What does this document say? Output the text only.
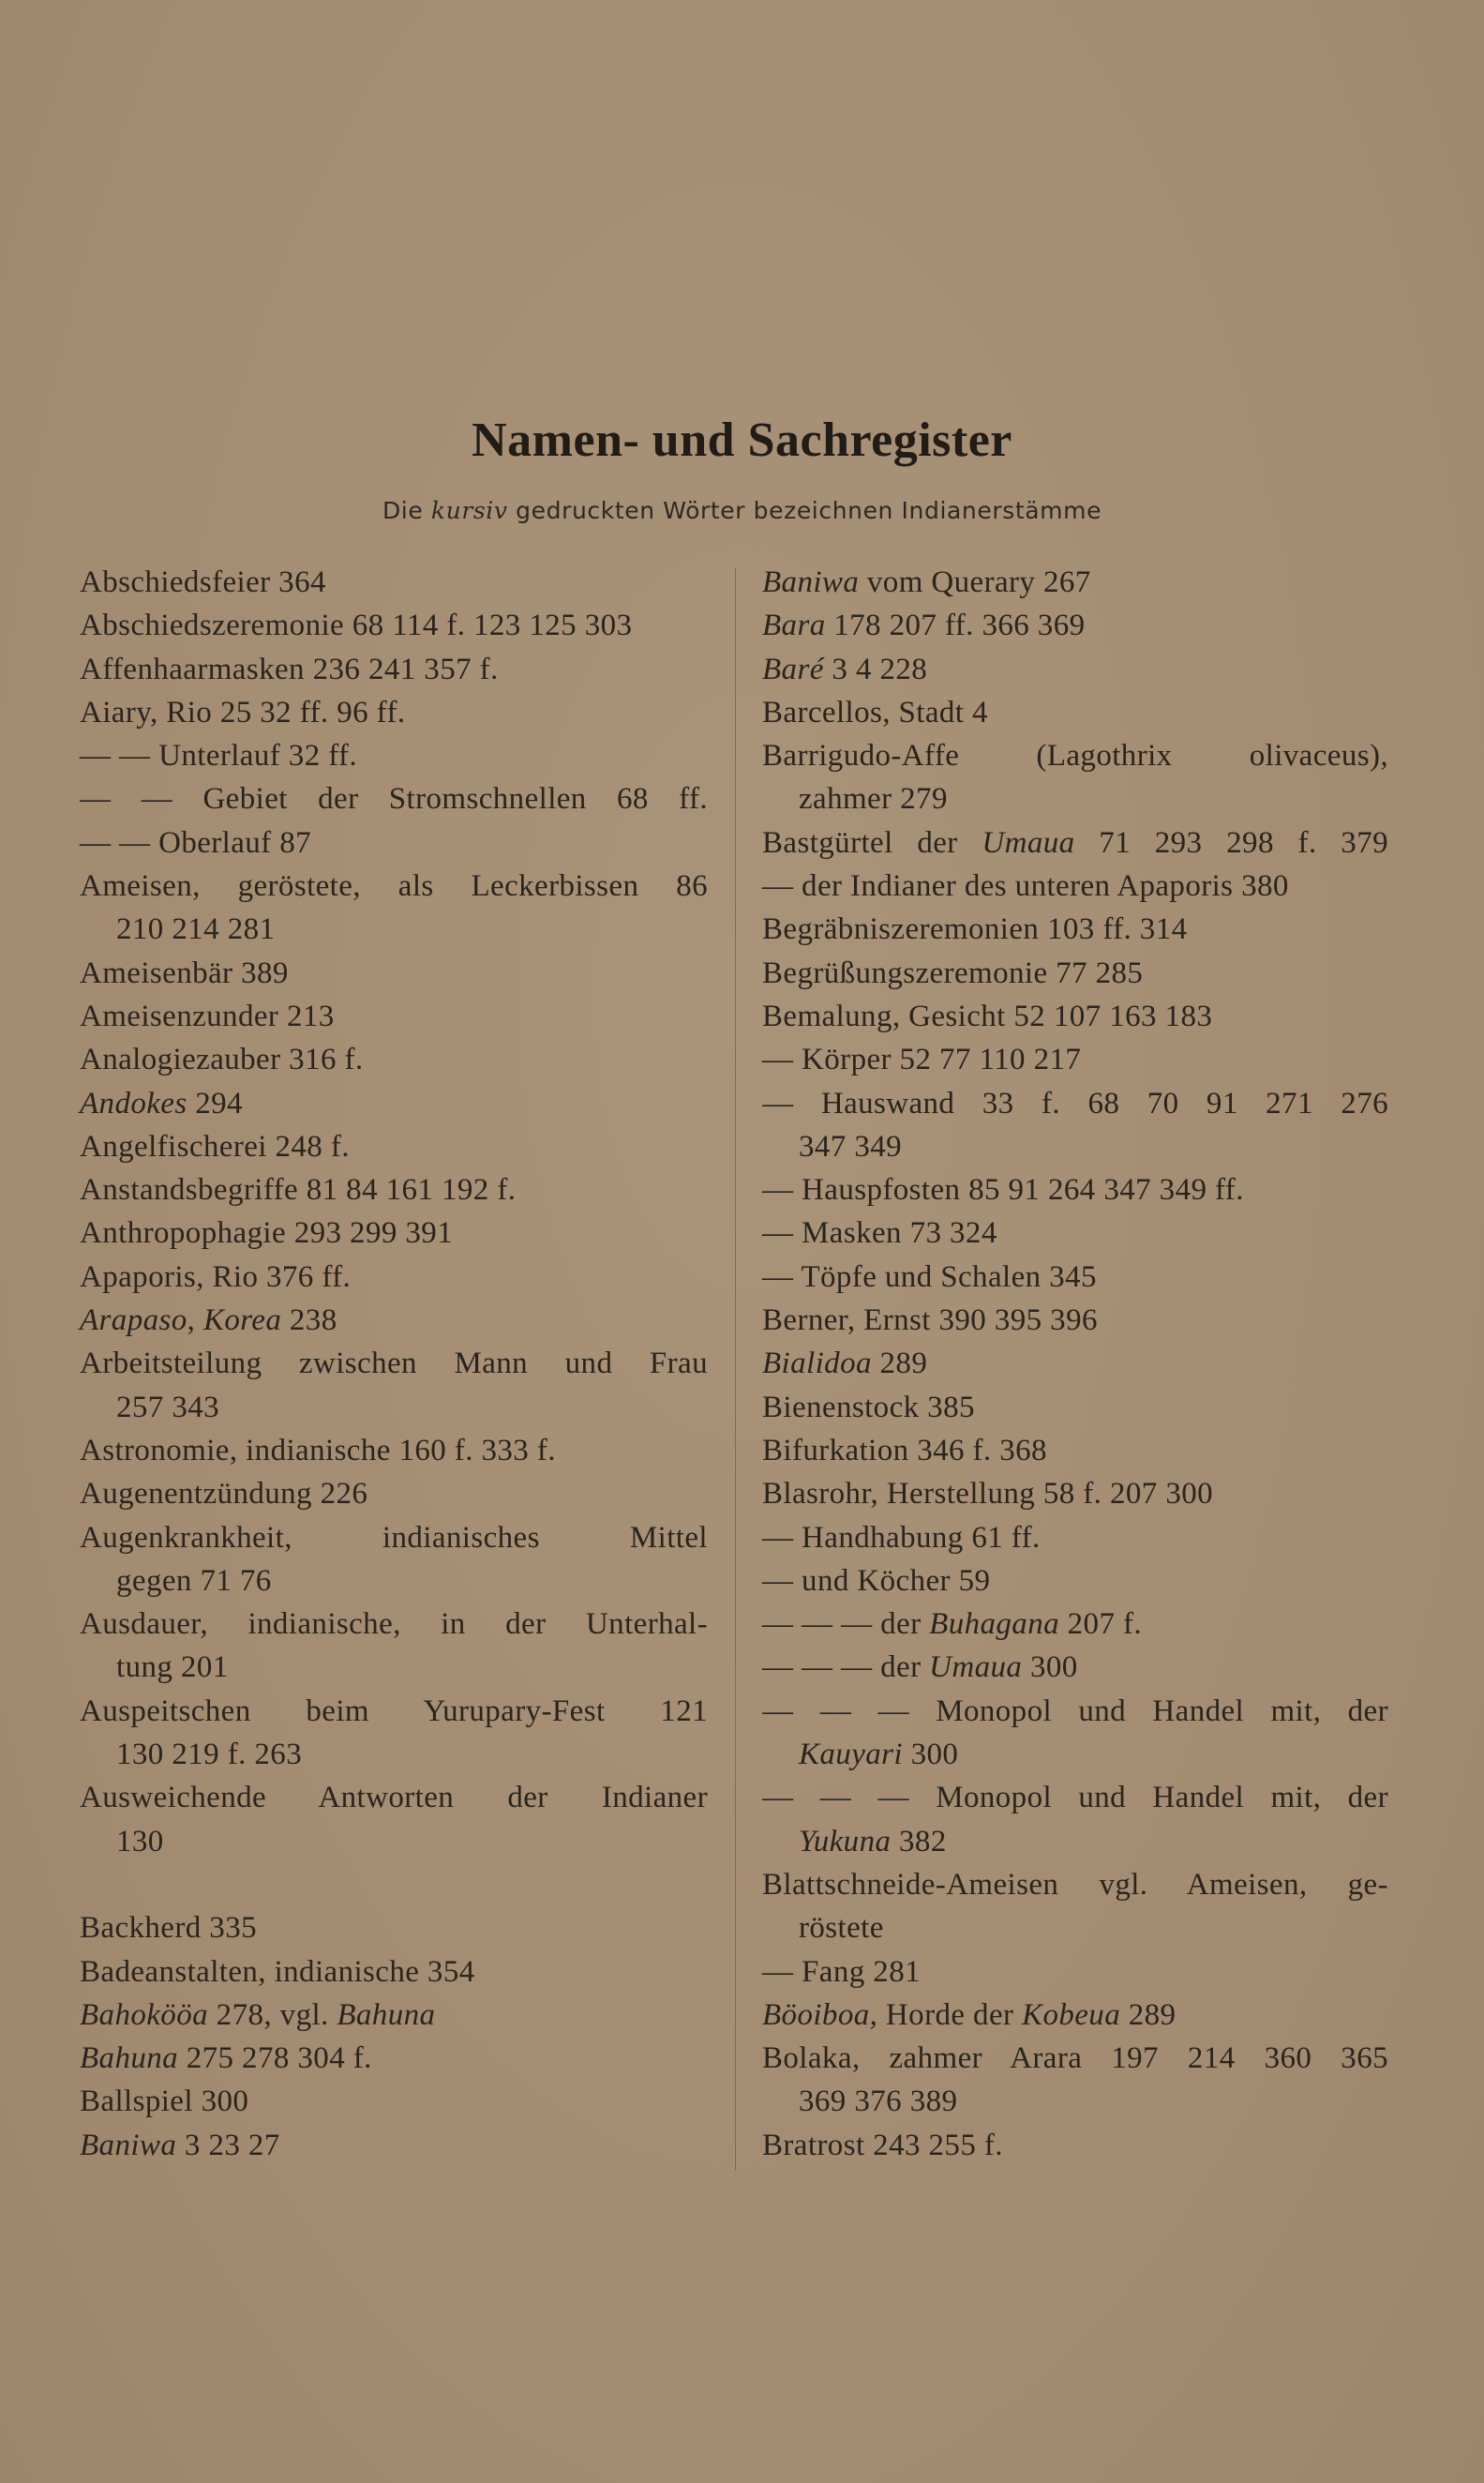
Namen- und Sachregister
Die kursiv gedruckten Wörter bezeichnen Indianerstämme
Abschiedsfeier 364
Abschiedszeremonie 68 114 f. 123 125 303
Affenhaarmasken 236 241 357 f.
Aiary, Rio 25 32 ff. 96 ff.
— — Unterlauf 32 ff.
— — Gebiet der Stromschnellen 68 ff.
— — Oberlauf 87
Ameisen, geröstete, als Leckerbissen 86
210 214 281
Ameisenbär 389
Ameisenzunder 213
Analogiezauber 316 f.
Andokes 294
Angelfischerei 248 f.
Anstandsbegriffe 81 84 161 192 f.
Anthropophagie 293 299 391
Apaporis, Rio 376 ff.
Arapaso, Korea 238
Arbeitsteilung zwischen Mann und Frau
257 343
Astronomie, indianische 160 f. 333 f.
Augenentzündung 226
Augenkrankheit, indianisches Mittel
gegen 71 76
Ausdauer, indianische, in der Unterhal-
tung 201
Auspeitschen beim Yurupary-Fest 121
130 219 f. 263
Ausweichende Antworten der Indianer
130
Backherd 335
Badeanstalten, indianische 354
Bahokööa 278, vgl. Bahuna
Bahuna 275 278 304 f.
Ballspiel 300
Baniwa 3 23 27
Baniwa vom Querary 267
Bara 178 207 ff. 366 369
Baré 3 4 228
Barcellos, Stadt 4
Barrigudo-Affe (Lagothrix olivaceus),
zahmer 279
Bastgürtel der Umaua 71 293 298 f. 379
— der Indianer des unteren Apaporis 380
Begräbniszeremonien 103 ff. 314
Begrüßungszeremonie 77 285
Bemalung, Gesicht 52 107 163 183
— Körper 52 77 110 217
— Hauswand 33 f. 68 70 91 271 276
347 349
— Hauspfosten 85 91 264 347 349 ff.
— Masken 73 324
— Töpfe und Schalen 345
Berner, Ernst 390 395 396
Bialidoa 289
Bienenstock 385
Bifurkation 346 f. 368
Blasrohr, Herstellung 58 f. 207 300
— Handhabung 61 ff.
— und Köcher 59
— — — der Buhagana 207 f.
— — — der Umaua 300
— — — Monopol und Handel mit, der
Kauyari 300
— — — Monopol und Handel mit, der
Yukuna 382
Blattschneide-Ameisen vgl. Ameisen, ge-
röstete
— Fang 281
Böoiboa, Horde der Kobeua 289
Bolaka, zahmer Arara 197 214 360 365
369 376 389
Bratrost 243 255 f.
